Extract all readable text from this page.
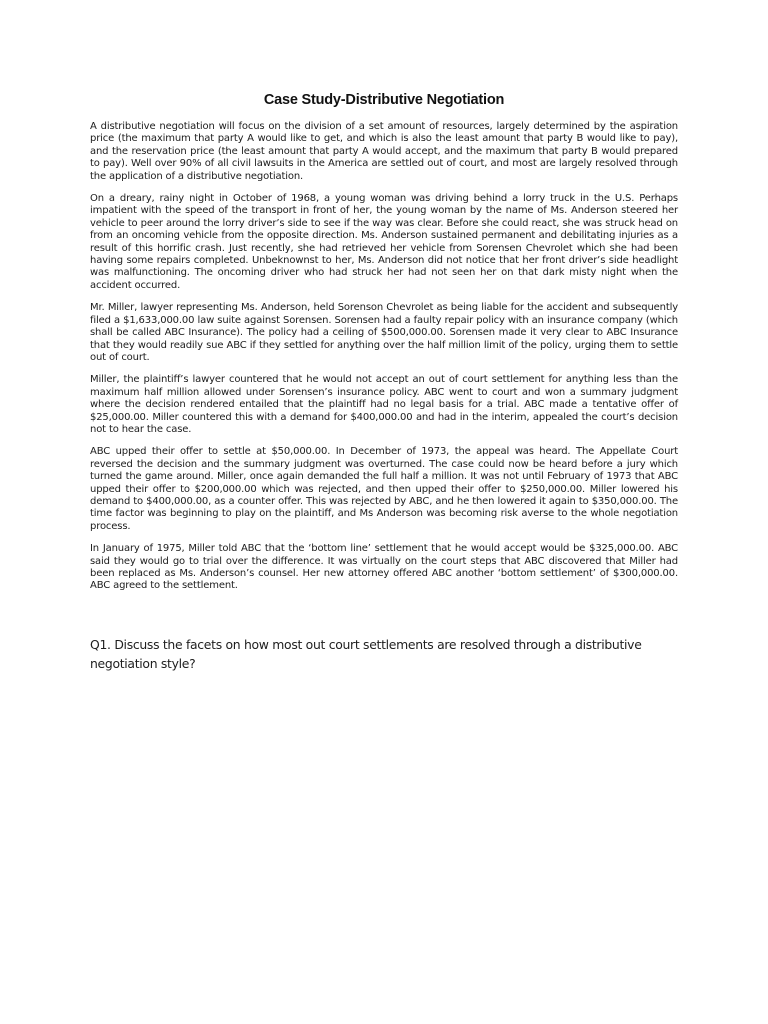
Case Study-Distributive Negotiation

A distributive negotiation will focus on the division of a set amount of resources, largely determined by the aspiration price (the maximum that party A would like to get, and which is also the least amount that party B would like to pay), and the reservation price (the least amount that party A would accept, and the maximum that party B would prepared to pay). Well over 90% of all civil lawsuits in the America are settled out of court, and most are largely resolved through the application of a distributive negotiation.

On a dreary, rainy night in October of 1968, a young woman was driving behind a lorry truck in the U.S. Perhaps impatient with the speed of the transport in front of her, the young woman by the name of Ms. Anderson steered her vehicle to peer around the lorry driver’s side to see if the way was clear. Before she could react, she was struck head on from an oncoming vehicle from the opposite direction. Ms. Anderson sustained permanent and debilitating injuries as a result of this horrific crash. Just recently, she had retrieved her vehicle from Sorensen Chevrolet which she had been having some repairs completed. Unbeknownst to her, Ms. Anderson did not notice that her front driver’s side headlight was malfunctioning. The oncoming driver who had struck her had not seen her on that dark misty night when the accident occurred.

Mr. Miller, lawyer representing Ms. Anderson, held Sorenson Chevrolet as being liable for the accident and subsequently filed a $1,633,000.00 law suite against Sorensen. Sorensen had a faulty repair policy with an insurance company (which shall be called ABC Insurance). The policy had a ceiling of $500,000.00. Sorensen made it very clear to ABC Insurance that they would readily sue ABC if they settled for anything over the half million limit of the policy, urging them to settle out of court.

Miller, the plaintiff’s lawyer countered that he would not accept an out of court settlement for anything less than the maximum half million allowed under Sorensen’s insurance policy. ABC went to court and won a summary judgment where the decision rendered entailed that the plaintiff had no legal basis for a trial. ABC made a tentative offer of $25,000.00. Miller countered this with a demand for $400,000.00 and had in the interim, appealed the court’s decision not to hear the case.

ABC upped their offer to settle at $50,000.00. In December of 1973, the appeal was heard. The Appellate Court reversed the decision and the summary judgment was overturned. The case could now be heard before a jury which turned the game around. Miller, once again demanded the full half a million. It was not until February of 1973 that ABC upped their offer to $200,000.00 which was rejected, and then upped their offer to $250,000.00. Miller lowered his demand to $400,000.00, as a counter offer. This was rejected by ABC, and he then lowered it again to $350,000.00. The time factor was beginning to play on the plaintiff, and Ms Anderson was becoming risk averse to the whole negotiation process.

In January of 1975, Miller told ABC that the ‘bottom line’ settlement that he would accept would be $325,000.00. ABC said they would go to trial over the difference. It was virtually on the court steps that ABC discovered that Miller had been replaced as Ms. Anderson’s counsel. Her new attorney offered ABC another ‘bottom settlement’ of $300,000.00. ABC agreed to the settlement.

Q1. Discuss the facets on how most out court settlements are resolved through a distributive negotiation style?
